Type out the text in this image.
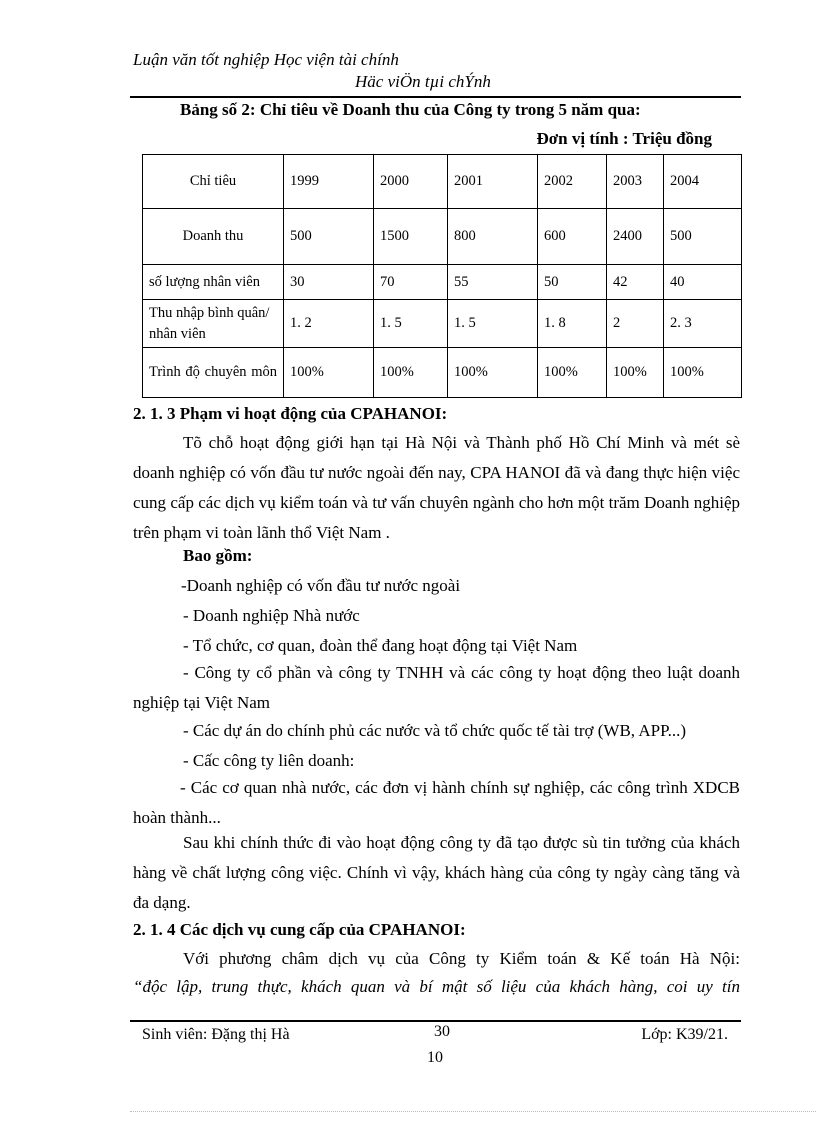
Luận văn tốt nghiệp Học viện tài chính
Häc viÖn tµi chÝnh
Bảng số 2: Chỉ tiêu về Doanh thu của Công ty trong 5 năm qua:
Đơn vị tính : Triệu đồng
Chỉ tiêu	1999	2000	2001	2002	2003	2004
Doanh thu	500	1500	800	600	2400	500
số lượng nhân viên	30	70	55	50	42	40
Thu nhập bình quân/ nhân viên	1. 2	1. 5	1. 5	1. 8	2	2. 3
Trình độ chuyên môn	100%	100%	100%	100%	100%	100%
2. 1. 3 Phạm vi hoạt động của CPAHANOI:
Tõ chỗ hoạt động giới hạn tại Hà Nội và Thành phố Hồ Chí Minh và mét sè doanh nghiệp có vốn đầu tư nước ngoài đến nay, CPA HANOI đã và đang thực hiện việc cung cấp các dịch vụ kiểm toán và tư vấn chuyên ngành cho hơn một trăm Doanh nghiệp trên phạm vi toàn lãnh thổ Việt Nam .
Bao gồm:
-Doanh nghiệp có vốn đầu tư nước ngoài
- Doanh nghiệp Nhà nước
- Tổ chức, cơ quan, đoàn thể đang hoạt động tại Việt Nam
- Công ty cổ phần và công ty TNHH và các công ty hoạt động theo luật doanh nghiệp tại Việt Nam
- Các dự án do chính phủ các nước và tổ chức quốc tế tài trợ (WB, APP...)
- Cấc công ty liên doanh:
- Các cơ quan nhà nước, các đơn vị hành chính sự nghiệp, các công trình XDCB hoàn thành...
Sau khi chính thức đi vào hoạt động công ty đã tạo được sù tin tưởng của khách hàng về chất lượng công việc. Chính vì vậy, khách hàng của công ty ngày càng tăng và đa dạng.
2. 1. 4 Các dịch vụ cung cấp của CPAHANOI:
Với phương châm dịch vụ của Công ty Kiểm toán & Kế toán Hà Nội:
“độc lập, trung thực, khách quan và bí mật số liệu của khách hàng, coi uy tín
Sinh viên: Đặng thị Hà	30	Lớp: K39/21.
10
